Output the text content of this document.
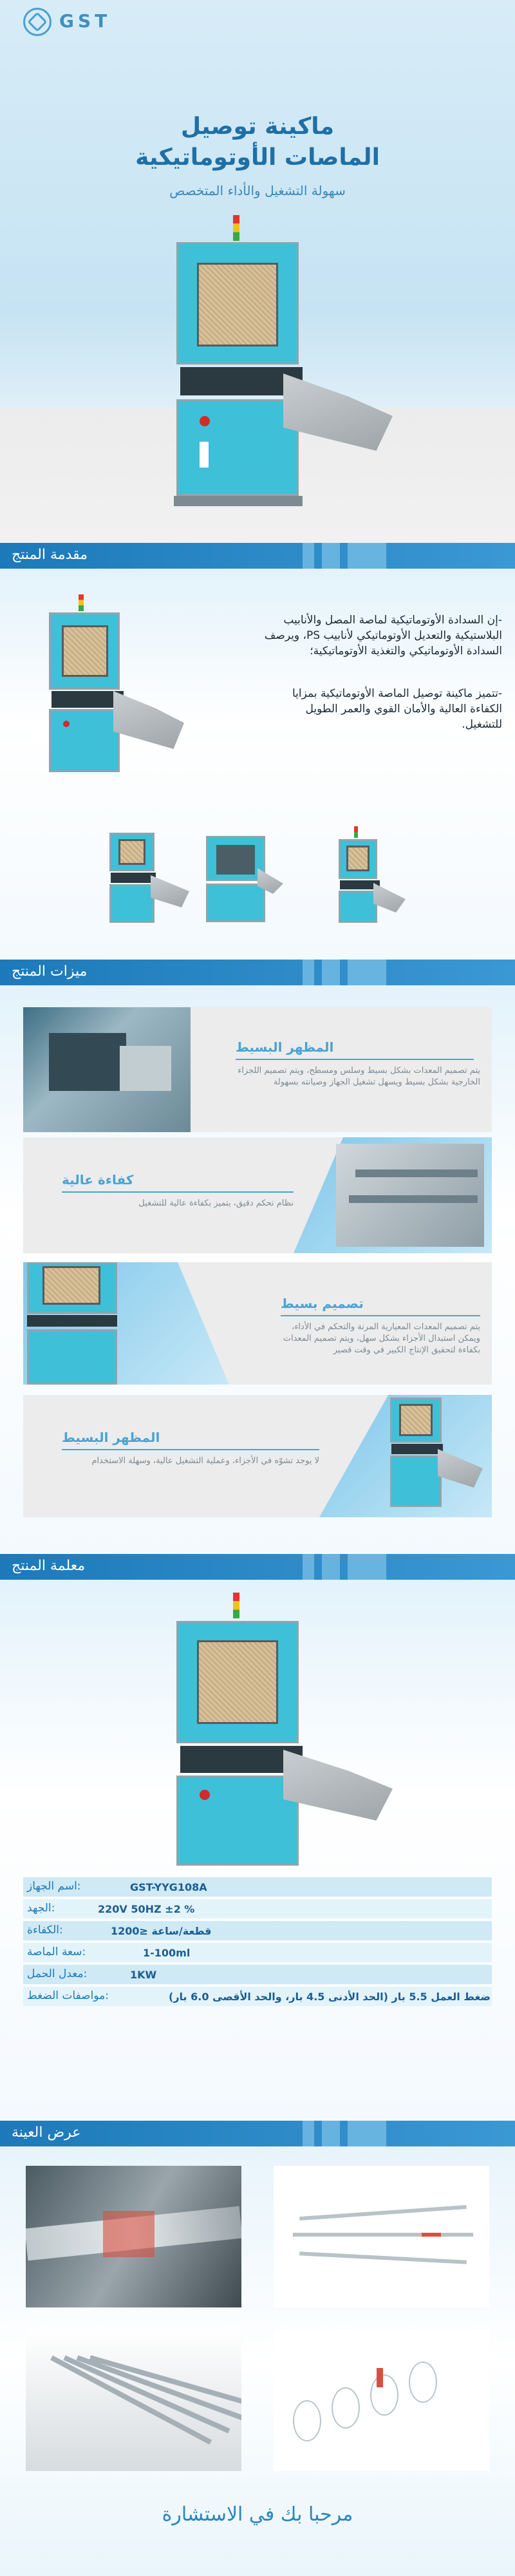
GST
ماكينة توصيل
الماصات الأوتوماتيكية
سهولة التشغيل والأداء المتخصص
مقدمة المنتج
-إن السدادة الأوتوماتيكية لماصة المصل والأنابيب البلاستيكية والتعديل الأوتوماتيكي لأنابيب PS، ويرصف السدادة الأوتوماتيكي والتغذية الأوتوماتيكية؛
-تتميز ماكينة توصيل الماصة الأوتوماتيكية بمزايا الكفاءة العالية والأمان القوي والعمر الطويل للتشغيل.
ميزات المنتج
المظهر البسيط
يتم تصميم المعدات بشكل بسيط وسلس ومسطح، ويتم تصميم اللجزاء الخارجية بشكل بسيط ويسهل تشغيل الجهاز وصيانته بسهولة
كفاءة عالية
نظام تحكم دقيق، يتميز بكفاءة عالية للتشغيل
تصميم بسيط
يتم تصميم المعدات المعيارية المرنة والتحكم في الأداء، ويمكن استبدال الأجزاء بشكل سهل، ويتم تصميم المعدات بكفاءة لتحقيق الإنتاج الكبير في وقت قصير
المظهر البسيط
لا يوجد تشوّه في الأجزاء، وعملية التشغيل عالية، وسهلة الاستخدام
معلمة المنتج
اسم الجهاز:	GST-YYG108A
الجهد:	220V 50HZ ±2 %
الكفاءة:	1200≥ قطعة/ساعة
سعة الماصة:	1-100ml
معدل الحمل:	1KW
مواصفات الضغط:	ضغط العمل 5.5 بار (الحد الأدنى 4.5 بار، والحد الأقصى 6.0 بار)
عرض العينة
مرحبا بك في الاستشارة
